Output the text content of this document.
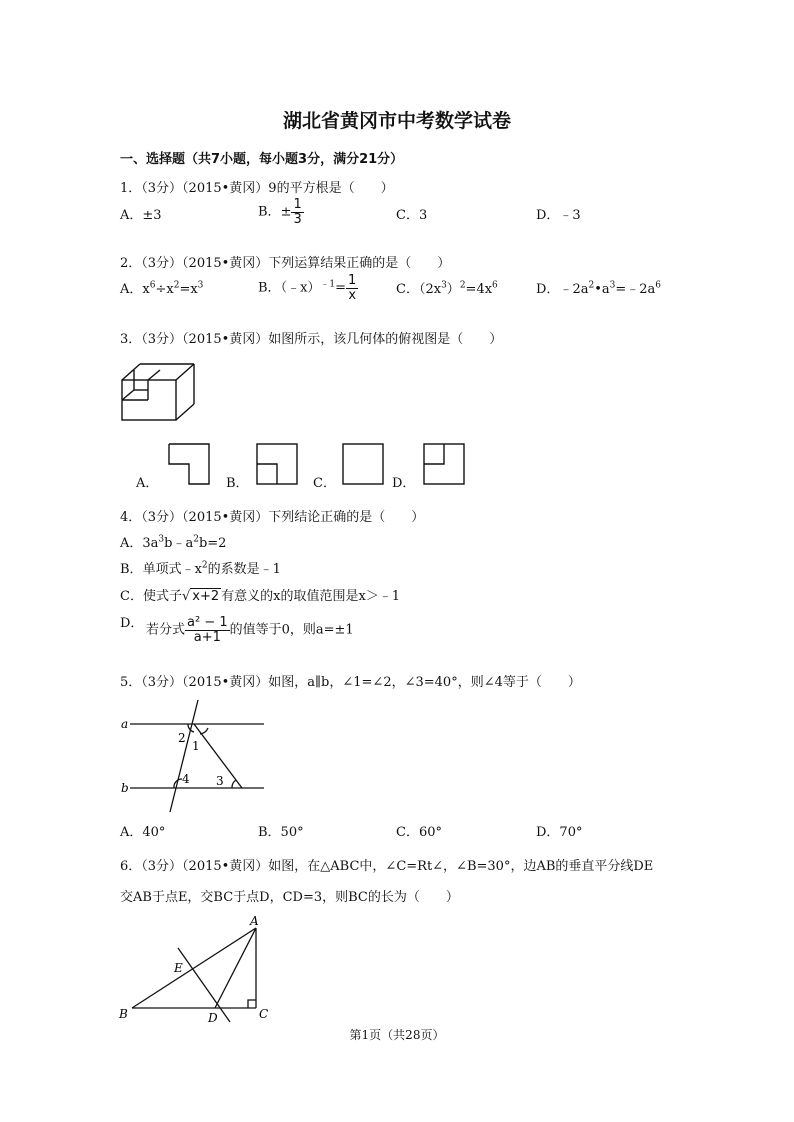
湖北省黄冈市中考数学试卷
一、选择题（共7小题，每小题3分，满分21分）
1．（3分）（2015•黄冈）9的平方根是（　　）
A．±3	B．± $\frac{1}{3}$	C．3	D．﹣3
2．（3分）（2015•黄冈）下列运算结果正确的是（　　）
A．$x^6\div x^2=x^3$	B．（﹣x）$^{﹣1}$= $\frac{1}{x}$	C．$(2x^3)^2=4x^6$	D．$﹣2a^2•a^3=﹣2a^6$
3．（3分）（2015•黄冈）如图所示，该几何体的俯视图是（　　）
A．	B．	C．	D．
4．（3分）（2015•黄冈）下列结论正确的是（　　）
A．$3a^3b﹣a^2b=2$
B．单项式$﹣x^2$的系数是﹣1
C．使式子√ x+2 有意义的x的取值范围是x＞﹣1
D． 若分式 $\frac{\text{a² − 1}}{a+1}$ 的值等于0，则a=±1
5．（3分）（2015•黄冈）如图，a∥b，∠1=∠2，∠3=40°，则∠4等于（　　）
a
b
2
1
4 3
A．40°	B．50°	C．60°	D．70°
6．（3分）（2015•黄冈）如图，在△ABC中，∠C=Rt∠，∠B=30°，边AB的垂直平分线DE
交AB于点E，交BC于点D，CD=3，则BC的长为（　　）
A
B	C
D
E
第1页（共28页）
